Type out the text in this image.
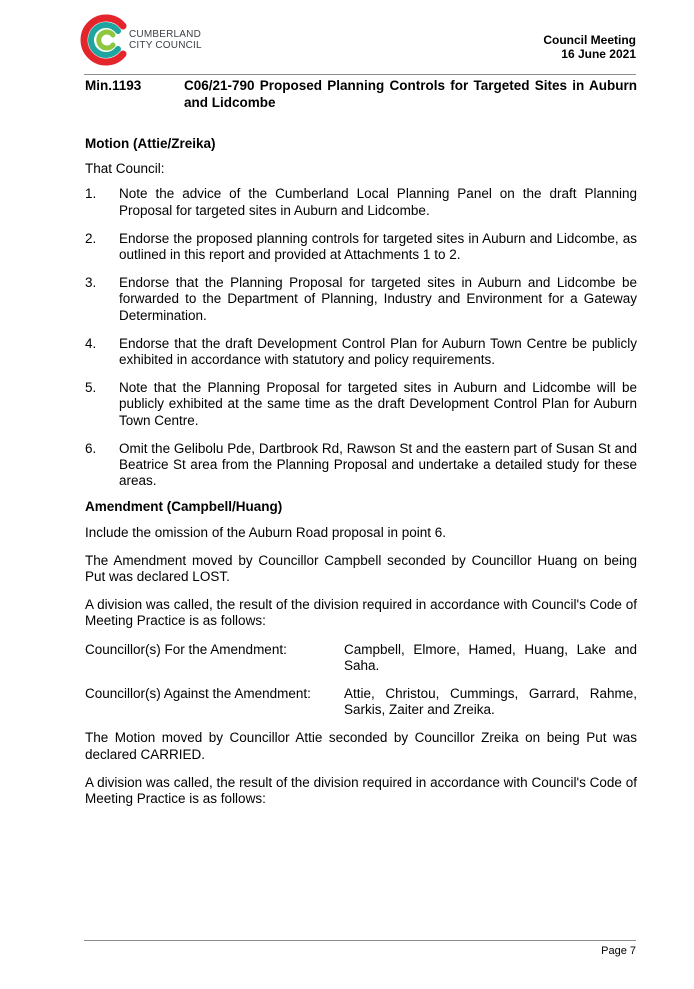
CUMBERLAND
CITY COUNCIL	Council Meeting
16 June 2021
Min.1193	C06/21-790 Proposed Planning Controls for Targeted Sites in Auburn and Lidcombe

Motion (Attie/Zreika)

That Council:

1.	Note the advice of the Cumberland Local Planning Panel on the draft Planning Proposal for targeted sites in Auburn and Lidcombe.
2.	Endorse the proposed planning controls for targeted sites in Auburn and Lidcombe, as outlined in this report and provided at Attachments 1 to 2.
3.	Endorse that the Planning Proposal for targeted sites in Auburn and Lidcombe be forwarded to the Department of Planning, Industry and Environment for a Gateway Determination.
4.	Endorse that the draft Development Control Plan for Auburn Town Centre be publicly exhibited in accordance with statutory and policy requirements.
5.	Note that the Planning Proposal for targeted sites in Auburn and Lidcombe will be publicly exhibited at the same time as the draft Development Control Plan for Auburn Town Centre.
6.	Omit the Gelibolu Pde, Dartbrook Rd, Rawson St and the eastern part of Susan St and Beatrice St area from the Planning Proposal and undertake a detailed study for these areas.

Amendment (Campbell/Huang)

Include the omission of the Auburn Road proposal in point 6.

The Amendment moved by Councillor Campbell seconded by Councillor Huang on being Put was declared LOST.

A division was called, the result of the division required in accordance with Council's Code of Meeting Practice is as follows:

Councillor(s) For the Amendment:	Campbell, Elmore, Hamed, Huang, Lake and Saha.
Councillor(s) Against the Amendment:	Attie, Christou, Cummings, Garrard, Rahme, Sarkis, Zaiter and Zreika.

The Motion moved by Councillor Attie seconded by Councillor Zreika on being Put was declared CARRIED.

A division was called, the result of the division required in accordance with Council's Code of Meeting Practice is as follows:

Page 7
